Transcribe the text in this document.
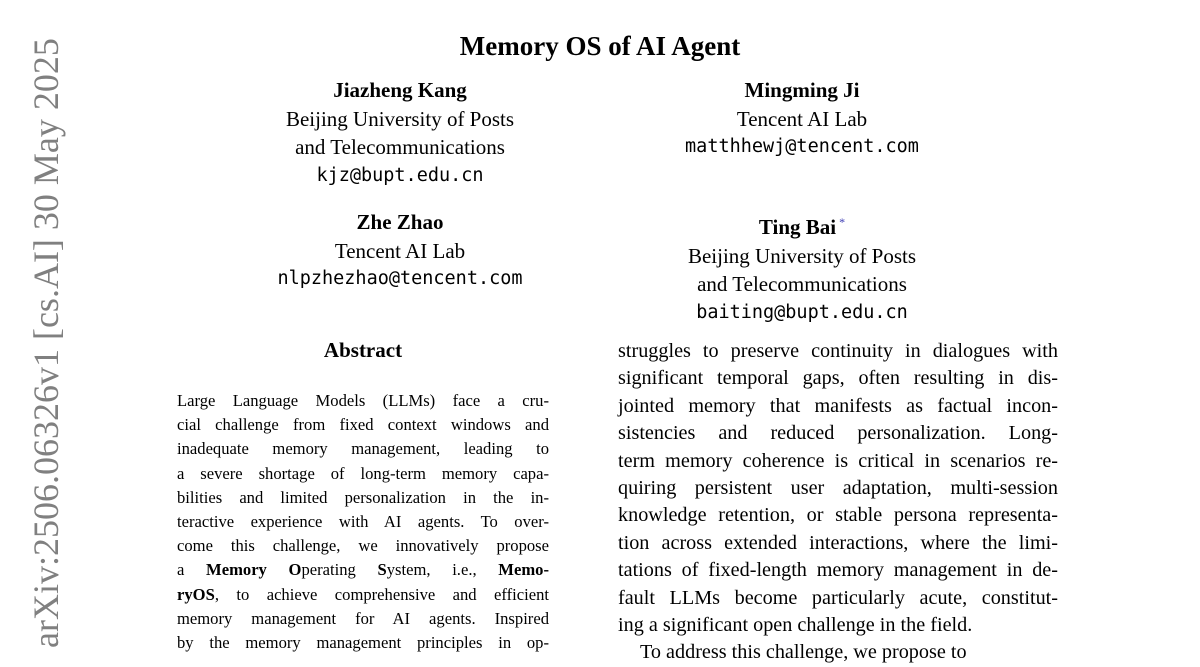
Memory OS of AI Agent
Jiazheng Kang
Beijing University of Posts
and Telecommunications
kjz@bupt.edu.cn
Mingming Ji
Tencent AI Lab
matthhewj@tencent.com
Zhe Zhao
Tencent AI Lab
nlpzhezhao@tencent.com
Ting Bai *
Beijing University of Posts
and Telecommunications
baiting@bupt.edu.cn
Abstract
Large Language Models (LLMs) face a cru-
cial challenge from fixed context windows and
inadequate memory management, leading to
a severe shortage of long-term memory capa-
bilities and limited personalization in the in-
teractive experience with AI agents. To over-
come this challenge, we innovatively propose
a Memory Operating System, i.e., Memo-
ryOS, to achieve comprehensive and efficient
memory management for AI agents. Inspired
by the memory management principles in op-
struggles to preserve continuity in dialogues with
significant temporal gaps, often resulting in dis-
jointed memory that manifests as factual incon-
sistencies and reduced personalization. Long-
term memory coherence is critical in scenarios re-
quiring persistent user adaptation, multi-session
knowledge retention, or stable persona representa-
tion across extended interactions, where the limi-
tations of fixed-length memory management in de-
fault LLMs become particularly acute, constitut-
ing a significant open challenge in the field.
To address this challenge, we propose to
arXiv:2506.06326v1 [cs.AI] 30 May 2025
